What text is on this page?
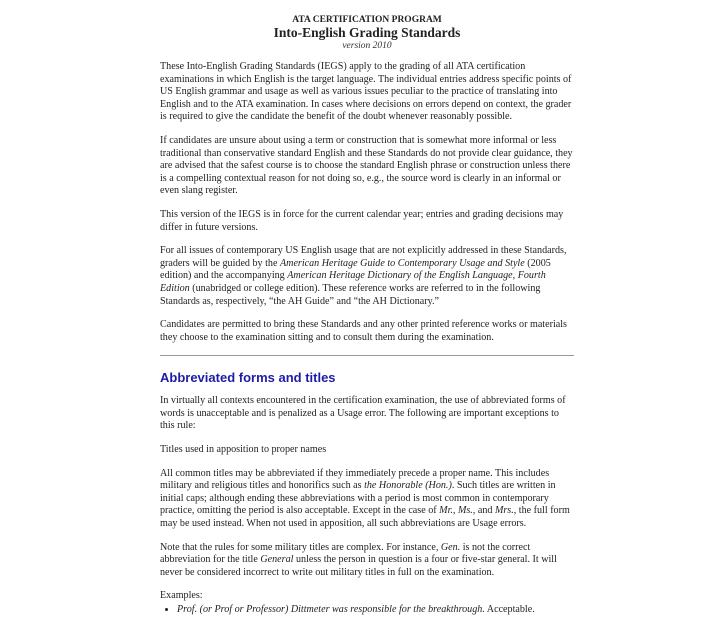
ATA CERTIFICATION PROGRAM
Into-English Grading Standards
version 2010

These Into-English Grading Standards (IEGS) apply to the grading of all ATA certification examinations in which English is the target language. The individual entries address specific points of US English grammar and usage as well as various issues peculiar to the practice of translating into English and to the ATA examination. In cases where decisions on errors depend on context, the grader is required to give the candidate the benefit of the doubt whenever reasonably possible.

If candidates are unsure about using a term or construction that is somewhat more informal or less traditional than conservative standard English and these Standards do not provide clear guidance, they are advised that the safest course is to choose the standard English phrase or construction unless there is a compelling contextual reason for not doing so, e.g., the source word is clearly in an informal or even slang register.

This version of the IEGS is in force for the current calendar year; entries and grading decisions may differ in future versions.

For all issues of contemporary US English usage that are not explicitly addressed in these Standards, graders will be guided by the American Heritage Guide to Contemporary Usage and Style (2005 edition) and the accompanying American Heritage Dictionary of the English Language, Fourth Edition (unabridged or college edition). These reference works are referred to in the following Standards as, respectively, “the AH Guide” and “the AH Dictionary.”

Candidates are permitted to bring these Standards and any other printed reference works or materials they choose to the examination sitting and to consult them during the examination.

Abbreviated forms and titles

In virtually all contexts encountered in the certification examination, the use of abbreviated forms of words is unacceptable and is penalized as a Usage error. The following are important exceptions to this rule:

Titles used in apposition to proper names

All common titles may be abbreviated if they immediately precede a proper name. This includes military and religious titles and honorifics such as the Honorable (Hon.). Such titles are written in initial caps; although ending these abbreviations with a period is most common in contemporary practice, omitting the period is also acceptable. Except in the case of Mr., Ms., and Mrs., the full form may be used instead. When not used in apposition, all such abbreviations are Usage errors.

Note that the rules for some military titles are complex. For instance, Gen. is not the correct abbreviation for the title General unless the person in question is a four or five-star general. It will never be considered incorrect to write out military titles in full on the examination.

Examples:

• Prof. (or Prof or Professor) Dittmeter was responsible for the breakthrough. Acceptable.
